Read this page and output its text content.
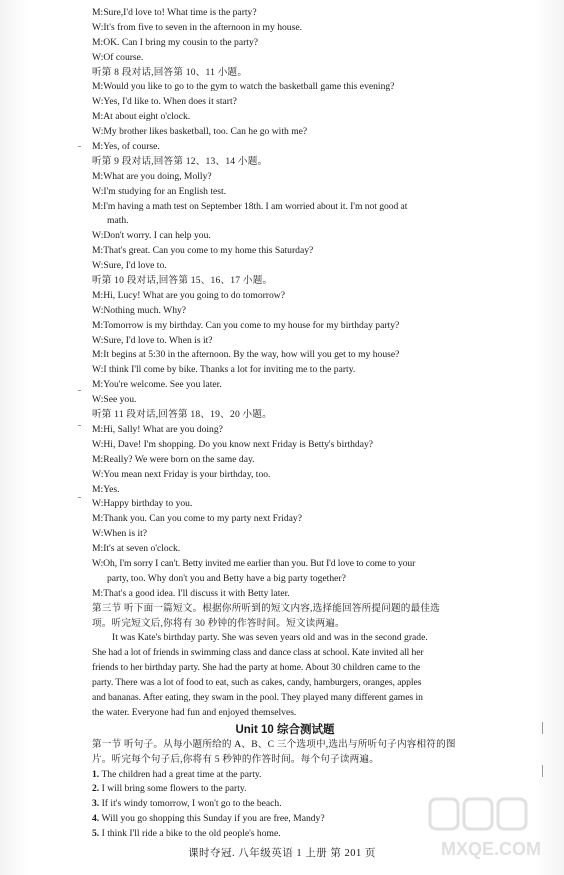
M:Sure,I'd love to! What time is the party?
W:It's from five to seven in the afternoon in my house.
M:OK. Can I bring my cousin to the party?
W:Of course.
听第 8 段对话,回答第 10、11 小题。
M:Would you like to go to the gym to watch the basketball game this evening?
W:Yes, I'd like to. When does it start?
M:At about eight o'clock.
W:My brother likes basketball, too. Can he go with me?
M:Yes, of course.
听第 9 段对话,回答第 12、13、14 小题。
M:What are you doing, Molly?
W:I'm studying for an English test.
M:I'm having a math test on September 18th. I am worried about it. I'm not good at
math.
W:Don't worry. I can help you.
M:That's great. Can you come to my home this Saturday?
W:Sure, I'd love to.
听第 10 段对话,回答第 15、16、17 小题。
M:Hi, Lucy! What are you going to do tomorrow?
W:Nothing much. Why?
M:Tomorrow is my birthday. Can you come to my house for my birthday party?
W:Sure, I'd love to. When is it?
M:It begins at 5:30 in the afternoon. By the way, how will you get to my house?
W:I think I'll come by bike. Thanks a lot for inviting me to the party.
M:You're welcome. See you later.
W:See you.
听第 11 段对话,回答第 18、19、20 小题。
M:Hi, Sally! What are you doing?
W:Hi, Dave! I'm shopping. Do you know next Friday is Betty's birthday?
M:Really? We were born on the same day.
W:You mean next Friday is your birthday, too.
M:Yes.
W:Happy birthday to you.
M:Thank you. Can you come to my party next Friday?
W:When is it?
M:It's at seven o'clock.
W:Oh, I'm sorry I can't. Betty invited me earlier than you. But I'd love to come to your
party, too. Why don't you and Betty have a big party together?
M:That's a good idea. I'll discuss it with Betty later.
第三节 听下面一篇短文。根据你所听到的短文内容,选择能回答所提问题的最佳选
项。听完短文后,你将有 30 秒钟的作答时间。短文读两遍。
It was Kate's birthday party. She was seven years old and was in the second grade.
She had a lot of friends in swimming class and dance class at school. Kate invited all her
friends to her birthday party. She had the party at home. About 30 children came to the
party. There was a lot of food to eat, such as cakes, candy, hamburgers, oranges, apples
and bananas. After eating, they swam in the pool. They played many different games in
the water. Everyone had fun and enjoyed themselves.
Unit 10 综合测试题
第一节 听句子。从每小题所给的 A、B、C 三个选项中,选出与所听句子内容相符的图
片。听完每个句子后,你将有 5 秒钟的作答时间。每个句子读两遍。
1. The children had a great time at the party.
2. I will bring some flowers to the party.
3. If it's windy tomorrow, I won't go to the beach.
4. Will you go shopping this Sunday if you are free, Mandy?
5. I think I'll ride a bike to the old people's home.
课时夺冠. 八年级英语 1 上册 第 201 页	MXQE.COM
